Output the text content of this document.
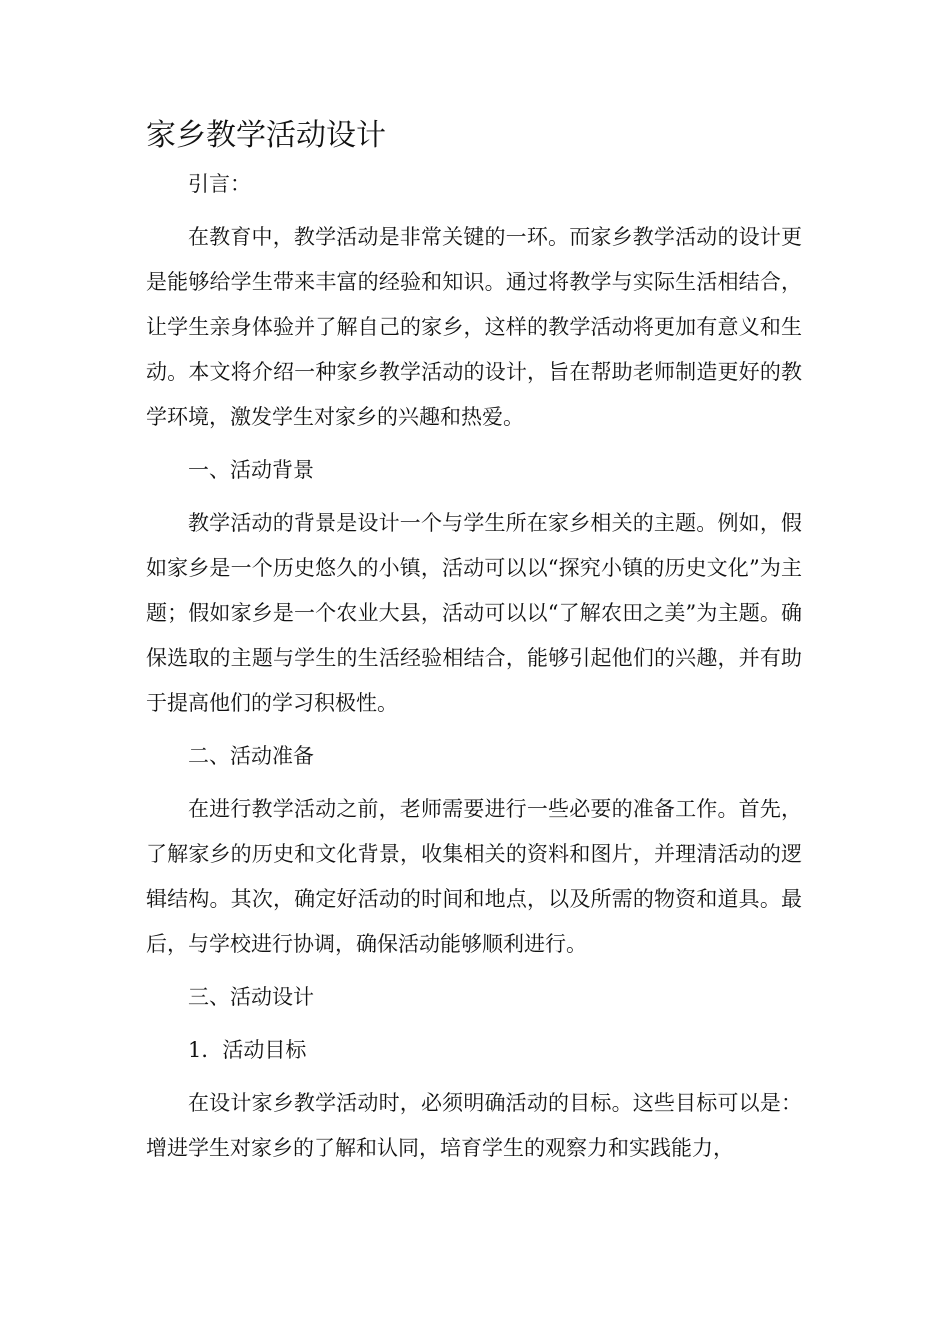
家乡教学活动设计

引言：

在教育中，教学活动是非常关键的一环。而家乡教学活动的设计更是能够给学生带来丰富的经验和知识。通过将教学与实际生活相结合，让学生亲身体验并了解自己的家乡，这样的教学活动将更加有意义和生动。本文将介绍一种家乡教学活动的设计，旨在帮助老师制造更好的教学环境，激发学生对家乡的兴趣和热爱。

一、活动背景

教学活动的背景是设计一个与学生所在家乡相关的主题。例如，假如家乡是一个历史悠久的小镇，活动可以以“探究小镇的历史文化”为主题；假如家乡是一个农业大县，活动可以以“了解农田之美”为主题。确保选取的主题与学生的生活经验相结合，能够引起他们的兴趣，并有助于提高他们的学习积极性。

二、活动准备

在进行教学活动之前，老师需要进行一些必要的准备工作。首先，了解家乡的历史和文化背景，收集相关的资料和图片，并理清活动的逻辑结构。其次，确定好活动的时间和地点，以及所需的物资和道具。最后，与学校进行协调，确保活动能够顺利进行。

三、活动设计

1．活动目标

在设计家乡教学活动时，必须明确活动的目标。这些目标可以是：增进学生对家乡的了解和认同，培育学生的观察力和实践能力，
